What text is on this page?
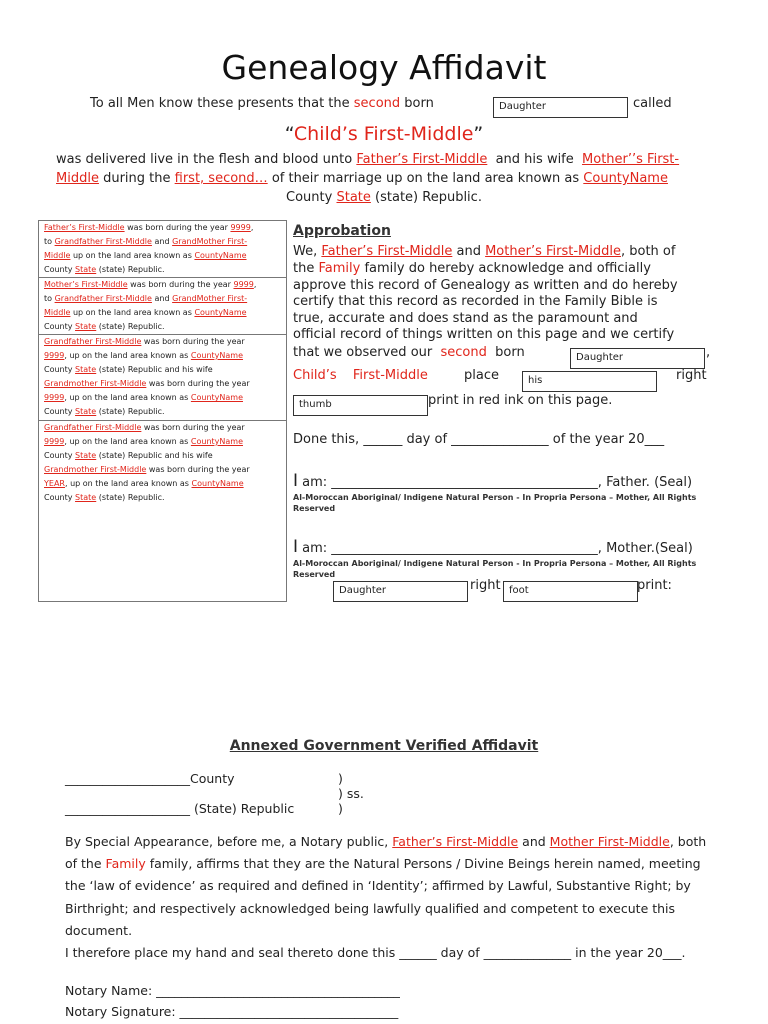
Genealogy Affidavit
To all Men know these presents that the second born	Daughter	called
“Child’s First-Middle”
was delivered live in the flesh and blood unto Father’s First-Middle and his wife Mother’’s First-
Middle during the first, second… of their marriage up on the land area known as CountyName
County State (state) Republic.
Father’s First-Middle was born during the year 9999,
to Grandfather First-Middle and GrandMother First-
Middle up on the land area known as CountyName
County State (state) Republic.
Mother’s First-Middle was born during the year 9999,
to Grandfather First-Middle and GrandMother First-
Middle up on the land area known as CountyName
County State (state) Republic.
Grandfather First-Middle was born during the year
9999, up on the land area known as CountyName
County State (state) Republic and his wife
Grandmother First-Middle was born during the year
9999, up on the land area known as CountyName
County State (state) Republic.
Grandfather First-Middle was born during the year
9999, up on the land area known as CountyName
County State (state) Republic and his wife
Grandmother First-Middle was born during the year
YEAR, up on the land area known as CountyName
County State (state) Republic.
Approbation
We, Father’s First-Middle and Mother’s First-Middle, both of
the Family family do hereby acknowledge and officially
approve this record of Genealogy as written and do hereby
certify that this record as recorded in the Family Bible is
true, accurate and does stand as the paramount and
official record of things written on this page and we certify
that we observed our second born	Daughter	,
Child’s First-Middle	place	his	right
thumb	print in red ink on this page.
Done this, ______ day of _______________ of the year 20___
I am: _________________________________________, Father. (Seal)
Al-Moroccan Aboriginal/ Indigene Natural Person - In Propria Persona – Mother, All Rights Reserved
I am: _________________________________________, Mother.(Seal)
Al-Moroccan Aboriginal/ Indigene Natural Person - In Propria Persona – Mother, All Rights Reserved
Daughter	right foot	print:
Annexed Government Verified Affidavit
____________________County	)
) ss.
____________________ (State) Republic	)
By Special Appearance, before me, a Notary public, Father’s First-Middle and Mother First-Middle, both
of the Family family, affirms that they are the Natural Persons / Divine Beings herein named, meeting
the ‘law of evidence’ as required and defined in ‘Identity’; affirmed by Lawful, Substantive Right; by
Birthright; and respectively acknowledged being lawfully qualified and competent to execute this
document.
I therefore place my hand and seal thereto done this ______ day of ______________ in the year 20___.
Notary Name: _______________________________________
Notary Signature: ___________________________________
